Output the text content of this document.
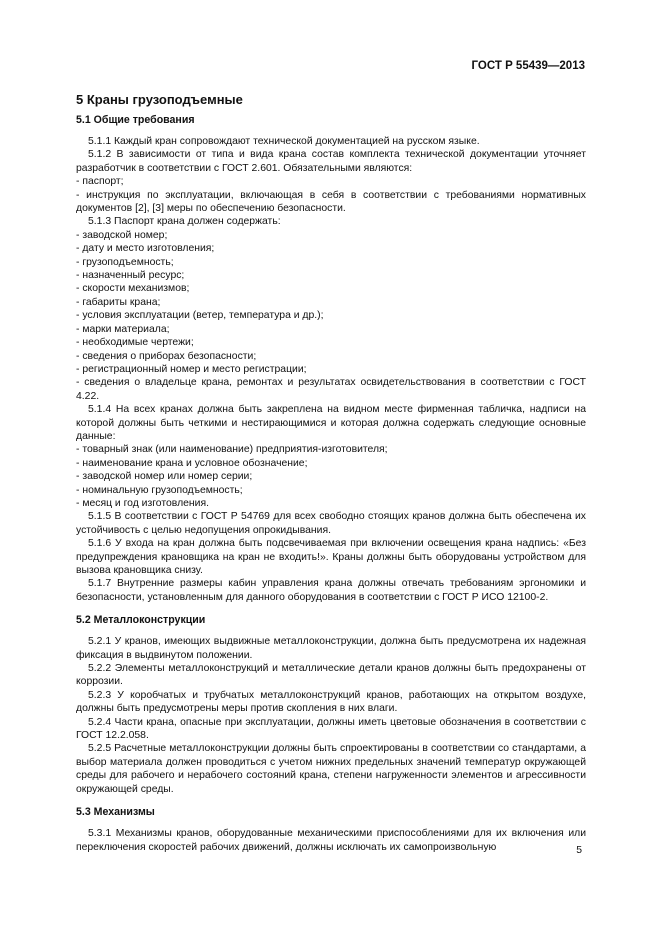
ГОСТ Р 55439—2013
5 Краны грузоподъемные
5.1 Общие требования

5.1.1 Каждый кран сопровождают технической документацией на русском языке.

5.1.2 В зависимости от типа и вида крана состав комплекта технической документации уточняет разработчик в соответствии с ГОСТ 2.601. Обязательными являются:

- паспорт;

- инструкция по эксплуатации, включающая в себя в соответствии с требованиями нормативных документов [2], [3] меры по обеспечению безопасности.

5.1.3 Паспорт крана должен содержать:

- заводской номер;

- дату и место изготовления;

- грузоподъемность;

- назначенный ресурс;

- скорости механизмов;

- габариты крана;

- условия эксплуатации (ветер, температура и др.);

- марки материала;

- необходимые чертежи;

- сведения о приборах безопасности;

- регистрационный номер и место регистрации;

- сведения о владельце крана, ремонтах и результатах освидетельствования в соответствии с ГОСТ 4.22.

5.1.4 На всех кранах должна быть закреплена на видном месте фирменная табличка, надписи на которой должны быть четкими и нестирающимися и которая должна содержать следующие основные данные:

- товарный знак (или наименование) предприятия-изготовителя;

- наименование крана и условное обозначение;

- заводской номер или номер серии;

- номинальную грузоподъемность;

- месяц и год изготовления.

5.1.5 В соответствии с ГОСТ Р 54769 для всех свободно стоящих кранов должна быть обеспечена их устойчивость с целью недопущения опрокидывания.

5.1.6 У входа на кран должна быть подсвечиваемая при включении освещения крана надпись: «Без предупреждения крановщика на кран не входить!». Краны должны быть оборудованы устройством для вызова крановщика снизу.

5.1.7 Внутренние размеры кабин управления крана должны отвечать требованиям эргономики и безопасности, установленным для данного оборудования в соответствии с ГОСТ Р ИСО 12100-2.

5.2 Металлоконструкции

5.2.1 У кранов, имеющих выдвижные металлоконструкции, должна быть предусмотрена их надежная фиксация в выдвинутом положении.

5.2.2 Элементы металлоконструкций и металлические детали кранов должны быть предохранены от коррозии.

5.2.3 У коробчатых и трубчатых металлоконструкций кранов, работающих на открытом воздухе, должны быть предусмотрены меры против скопления в них влаги.

5.2.4 Части крана, опасные при эксплуатации, должны иметь цветовые обозначения в соответствии с ГОСТ 12.2.058.

5.2.5 Расчетные металлоконструкции должны быть спроектированы в соответствии со стандартами, а выбор материала должен проводиться с учетом нижних предельных значений температур окружающей среды для рабочего и нерабочего состояний крана, степени нагруженности элементов и агрессивности окружающей среды.

5.3 Механизмы

5.3.1 Механизмы кранов, оборудованные механическими приспособлениями для их включения или переключения скоростей рабочих движений, должны исключать их самопроизвольную	5
